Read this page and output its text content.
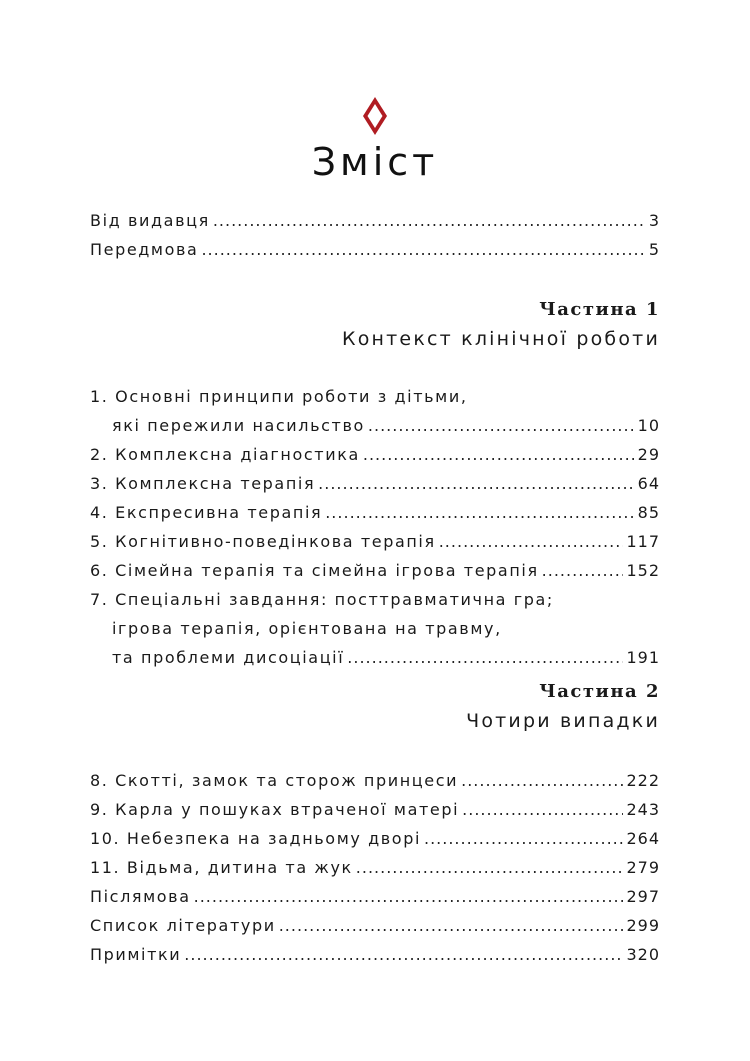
Зміст
Від видавця .....	3
Передмова .....	5
Частина 1
Контекст клінічної роботи
1. Основні принципи роботи з дітьми,
які пережили насильство .....	10
2. Комплексна діагностика .....	29
3. Комплексна терапія .....	64
4. Експресивна терапія .....	85
5. Когнітивно-поведінкова терапія .....	117
6. Сімейна терапія та сімейна ігрова терапія .....	152
7. Спеціальні завдання: посттравматична гра;
ігрова терапія, орієнтована на травму,
та проблеми дисоціації .....	191
Частина 2
Чотири випадки
8. Скотті, замок та сторож принцеси .....	222
9. Карла у пошуках втраченої матері .....	243
10. Небезпека на задньому дворі .....	264
11. Відьма, дитина та жук .....	279
Післямова .....	297
Список літератури .....	299
Примітки .....	320
